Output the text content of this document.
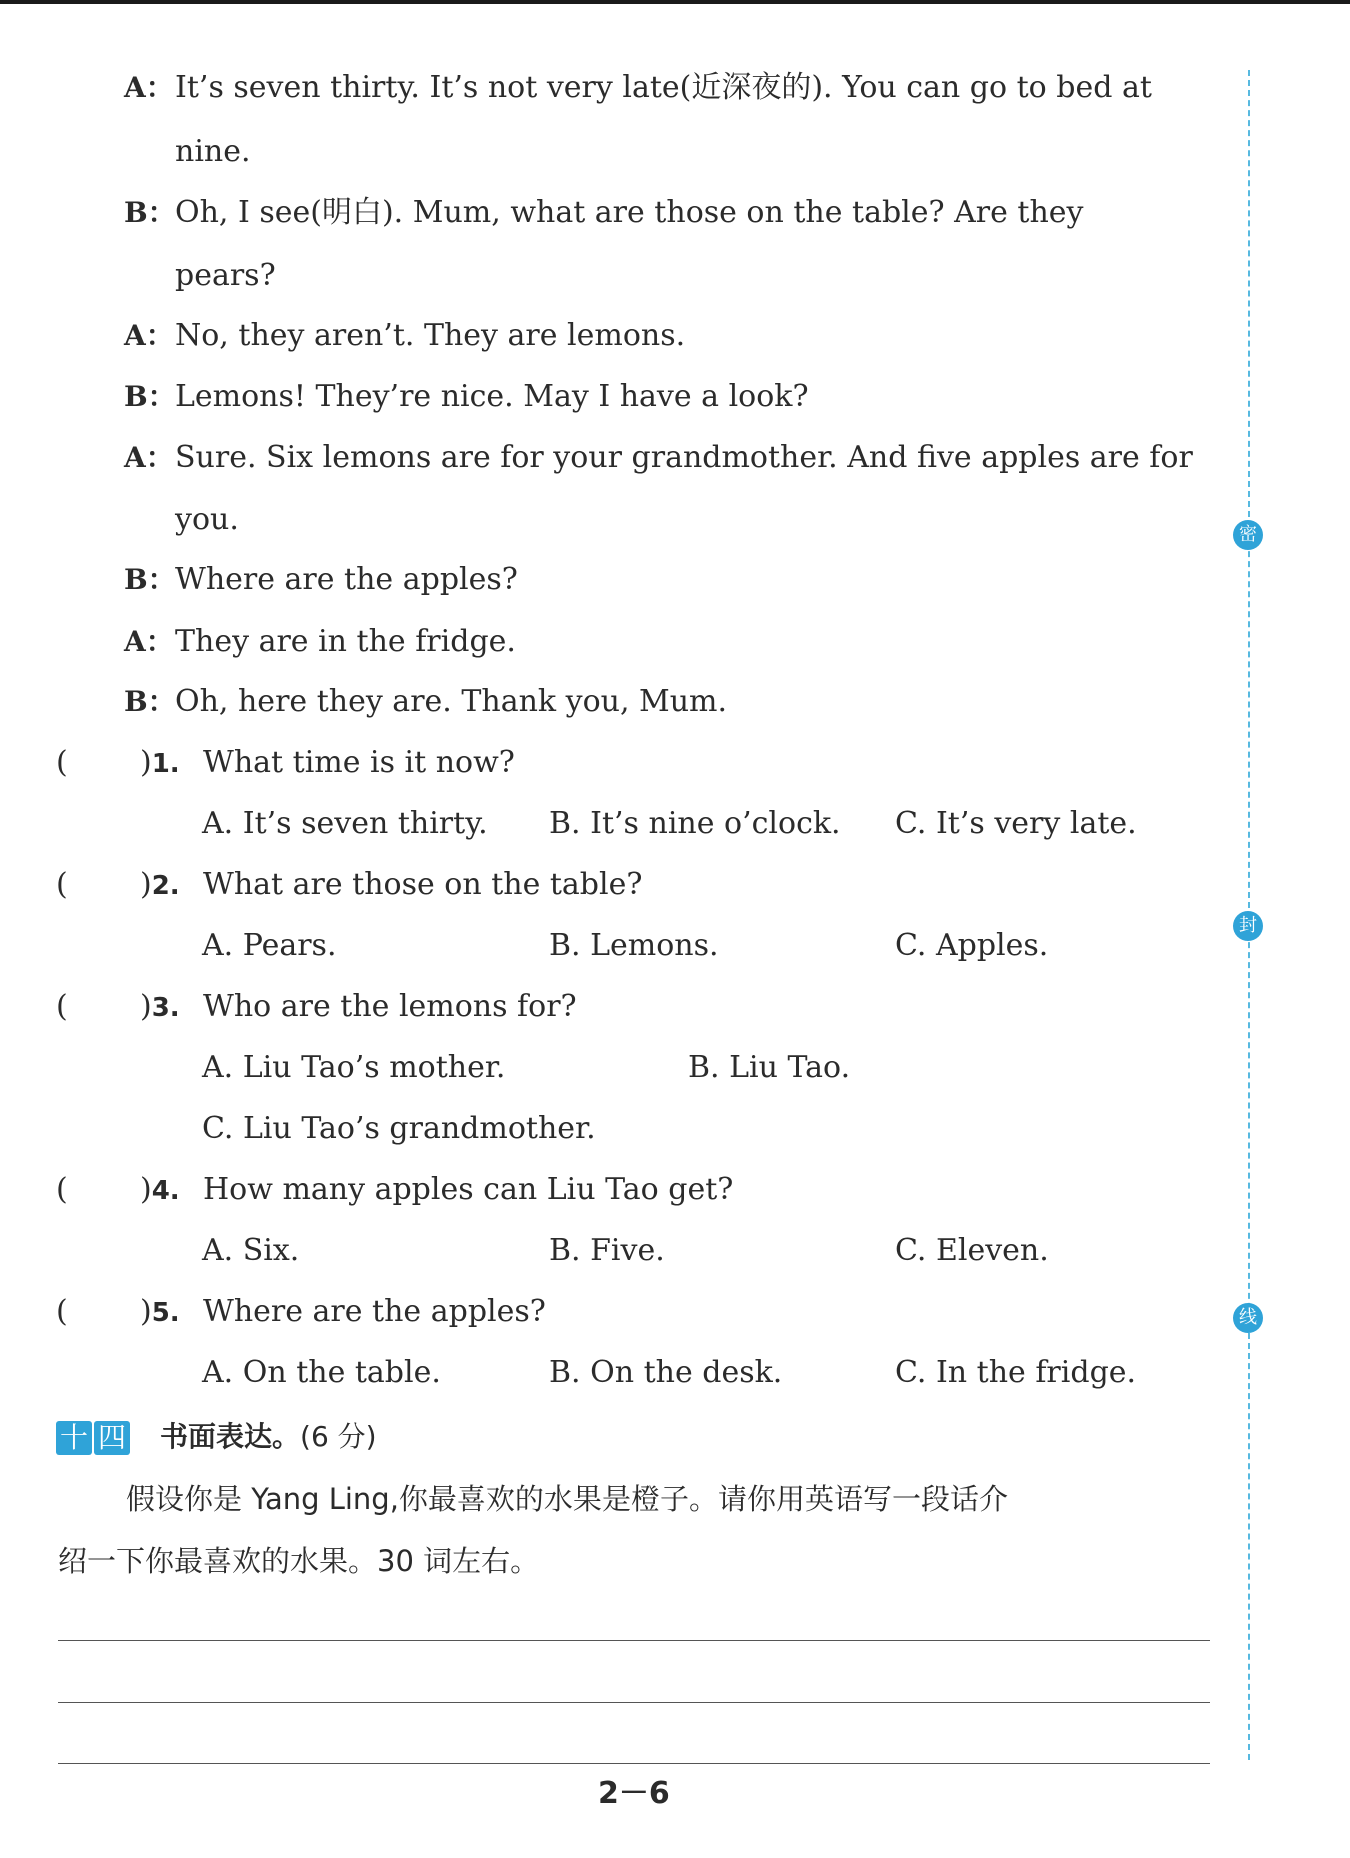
A： It’s seven thirty. It’s not very late(近深夜的). You can go to bed at
nine.
B： Oh, I see(明白). Mum, what are those on the table? Are they
pears?
A： No, they aren’t. They are lemons.
B： Lemons! They’re nice. May I have a look?
A： Sure. Six lemons are for your grandmother. And five apples are for
you.
B： Where are the apples?
A： They are in the fridge.
B： Oh, here they are. Thank you, Mum.
( )1. What time is it now?
A. It’s seven thirty. B. It’s nine o’clock. C. It’s very late.
( )2. What are those on the table?
A. Pears.	B. Lemons.	C. Apples.
( )3. Who are the lemons for?
A. Liu Tao’s mother.	B. Liu Tao.
C. Liu Tao’s grandmother.
( )4. How many apples can Liu Tao get?
A. Six.	B. Five.	C. Eleven.
( )5. Where are the apples?
A. On the table.	B. On the desk.	C. In the fridge.
十 四 书面表达。(6 分)
假设你是 Yang Ling,你最喜欢的水果是橙子。请你用英语写一段话介
绍一下你最喜欢的水果。30 词左右。
2－6
密
封
线
